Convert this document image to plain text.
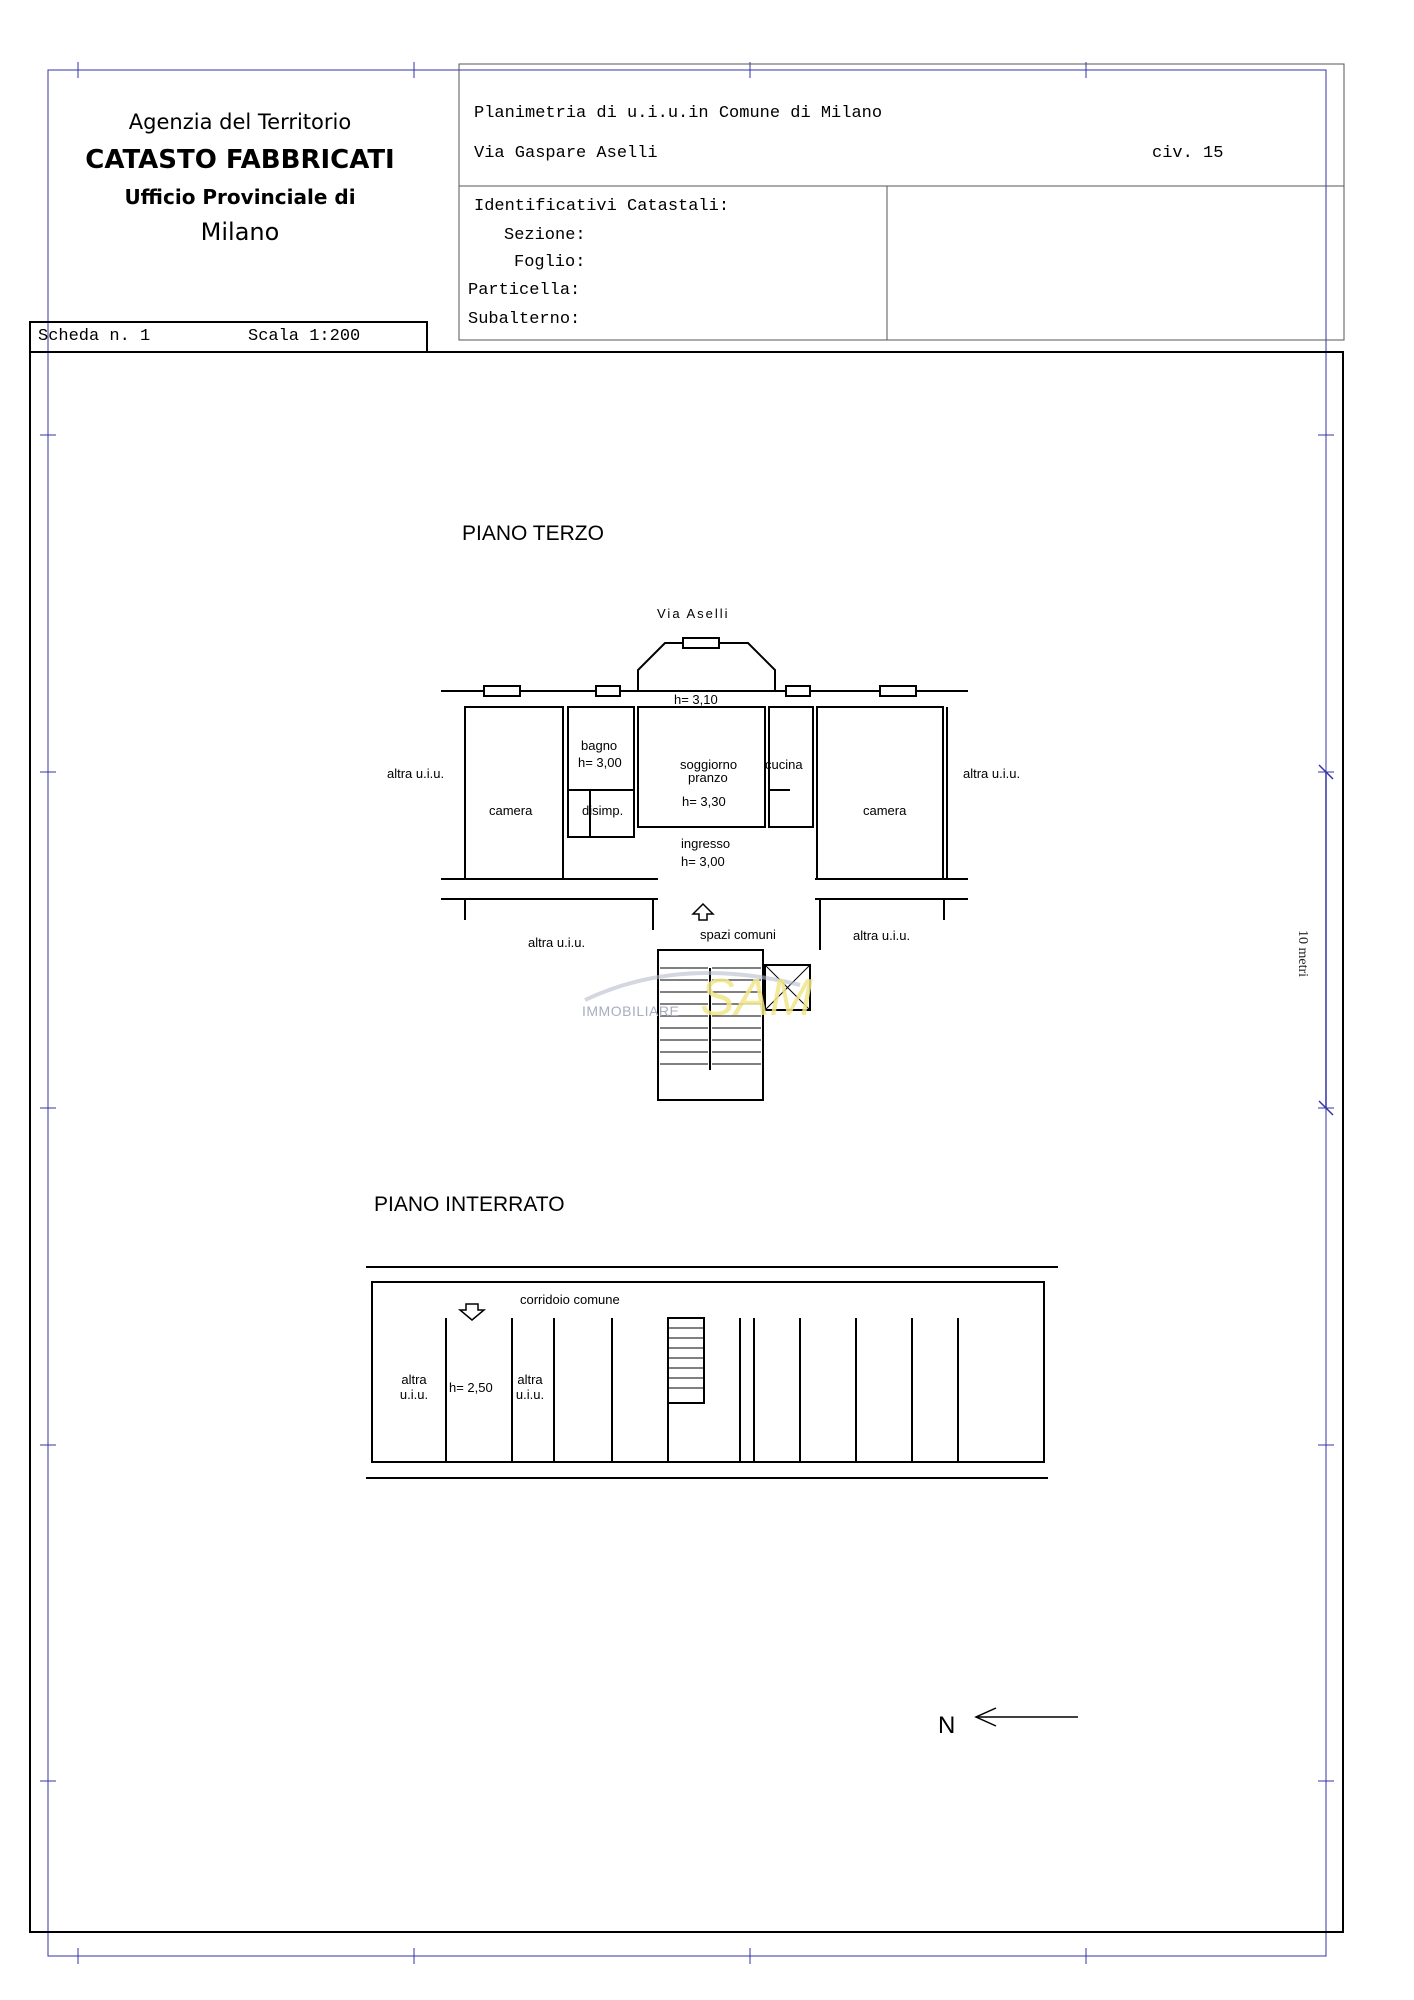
Agenzia del Territorio
CATASTO FABBRICATI
Ufficio Provinciale di
Milano
Planimetria di u.i.u.in Comune di Milano
Via Gaspare Aselli	civ. 15
Identificativi Catastali:
Sezione:
Foglio:
Particella:
Subalterno:
Scheda n. 1	Scala 1:200
PIANO TERZO
Via Aselli
h= 3,10
bagno
h= 3,00	soggiorno
pranzo
h= 3,30
cucina
camera	disimp.	camera
ingresso
h= 3,00
altra u.i.u.	altra u.i.u.
altra u.i.u.	altra u.i.u.
spazi comuni
PIANO INTERRATO
corridoio comune
altra
u.i.u.	h= 2,50
altra
u.i.u.
10 metri
N
IMMOBILIARE SAM
